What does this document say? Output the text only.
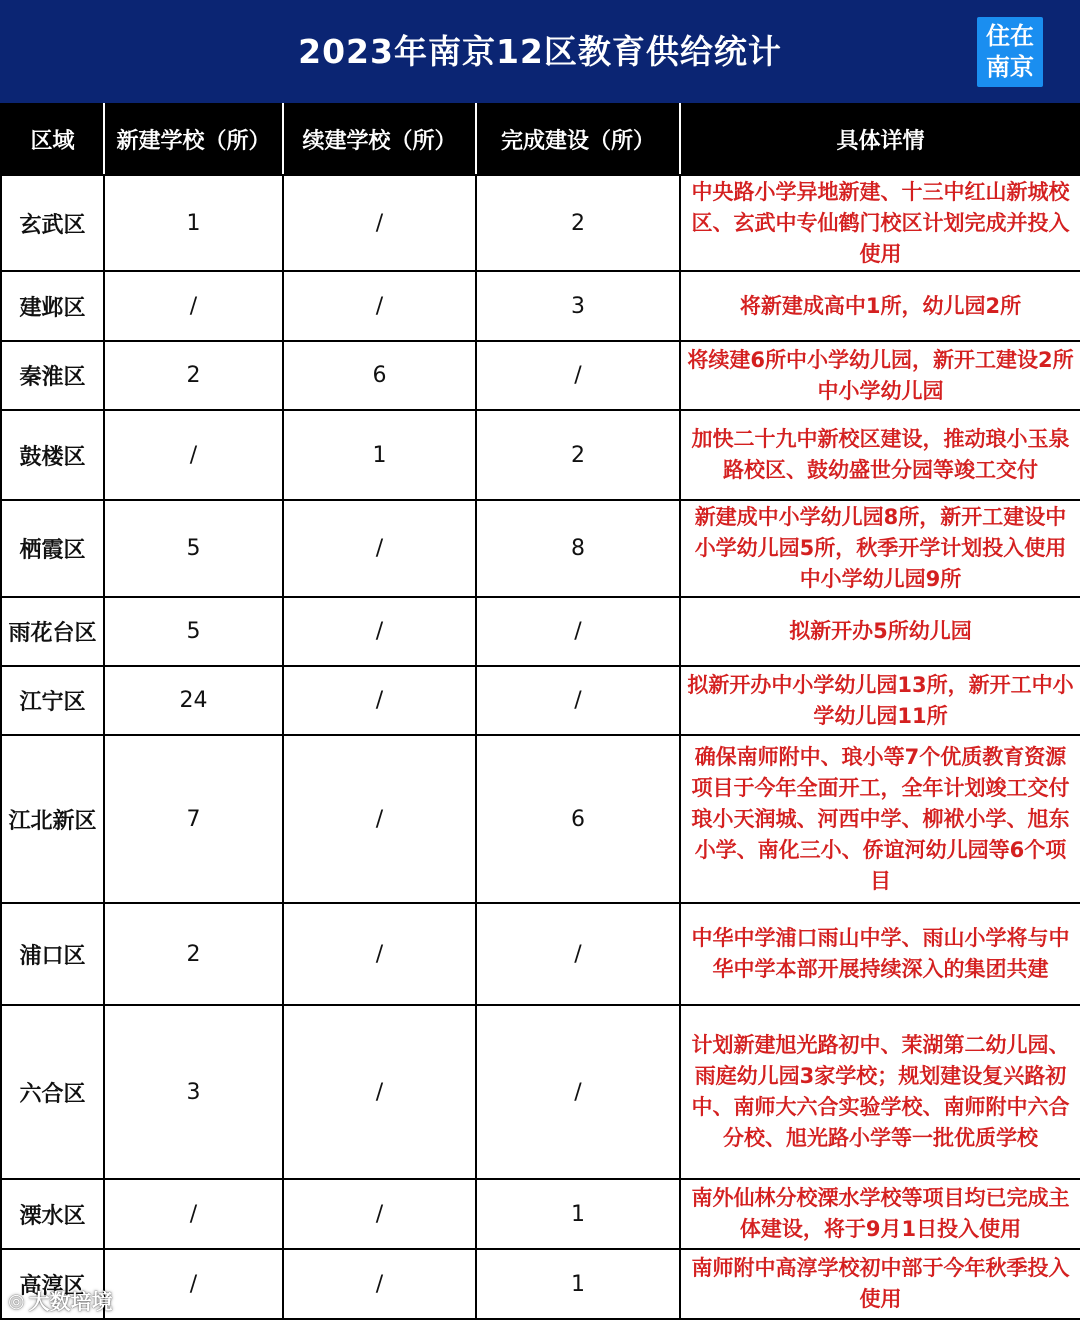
2023年南京12区教育供给统计	住在
南京
区域	新建学校（所）	续建学校（所）	完成建设（所）	具体详情
玄武区	1	/	2	中央路小学异地新建、十三中红山新城校区、玄武中专仙鹤门校区计划完成并投入使用
建邺区	/	/	3	将新建成高中1所，幼儿园2所
秦淮区	2	6	/	将续建6所中小学幼儿园，新开工建设2所中小学幼儿园
鼓楼区	/	1	2	加快二十九中新校区建设，推动琅小玉泉路校区、鼓幼盛世分园等竣工交付
栖霞区	5	/	8	新建成中小学幼儿园8所，新开工建设中小学幼儿园5所，秋季开学计划投入使用中小学幼儿园9所
雨花台区	5	/	/	拟新开办5所幼儿园
江宁区	24	/	/	拟新开办中小学幼儿园13所，新开工中小学幼儿园11所
江北新区	7	/	6	确保南师附中、琅小等7个优质教育资源项目于今年全面开工，全年计划竣工交付琅小天润城、河西中学、柳袱小学、旭东小学、南化三小、侨谊河幼儿园等6个项目
浦口区	2	/	/	中华中学浦口雨山中学、雨山小学将与中华中学本部开展持续深入的集团共建
六合区	3	/	/	计划新建旭光路初中、茉湖第二幼儿园、雨庭幼儿园3家学校；规划建设复兴路初中、南师大六合实验学校、南师附中六合分校、旭光路小学等一批优质学校
溧水区	/	/	1	南外仙林分校溧水学校等项目均已完成主体建设，将于9月1日投入使用
高淳区	/	/	1	南师附中高淳学校初中部于今年秋季投入使用
◎ 大数培境
